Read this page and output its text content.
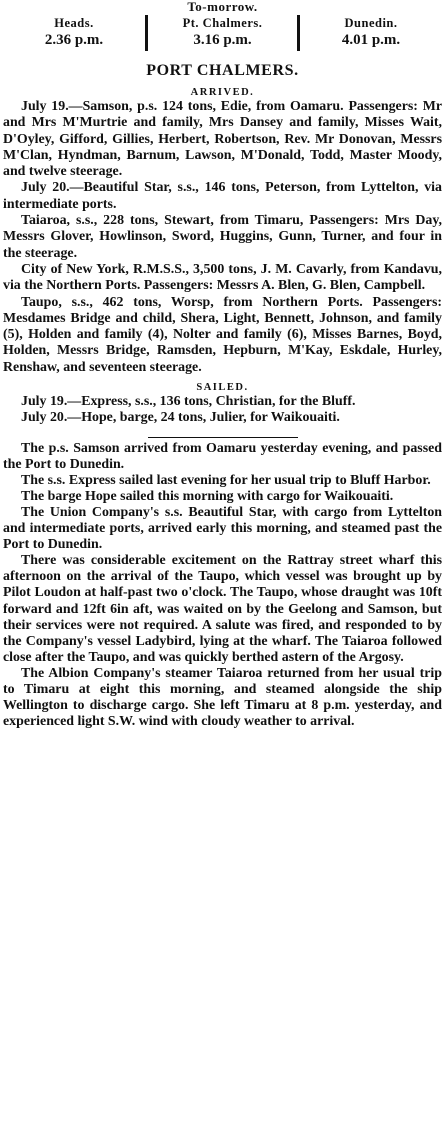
To-morrow.
Heads.
2.36 p.m.
Pt. Chalmers.
3.16 p.m.
Dunedin.
4.01 p.m.
PORT CHALMERS.
ARRIVED.

July 19.—Samson, p.s. 124 tons, Edie, from Oamaru. Passengers: Mr and Mrs M'Murtrie and family, Mrs Dansey and family, Misses Wait, D'Oyley, Gifford, Gillies, Herbert, Robertson, Rev. Mr Donovan, Messrs M'Clan, Hyndman, Barnum, Lawson, M'Donald, Todd, Master Moody, and twelve steerage.

July 20.—Beautiful Star, s.s., 146 tons, Peterson, from Lyttelton, via intermediate ports.

Taiaroa, s.s., 228 tons, Stewart, from Timaru, Passengers: Mrs Day, Messrs Glover, Howlinson, Sword, Huggins, Gunn, Turner, and four in the steerage.

City of New York, R.M.S.S., 3,500 tons, J. M. Cavarly, from Kandavu, via the Northern Ports. Passengers: Messrs A. Blen, G. Blen, Campbell.

Taupo, s.s., 462 tons, Worsp, from Northern Ports. Passengers: Mesdames Bridge and child, Shera, Light, Bennett, Johnson, and family (5), Holden and family (4), Nolter and family (6), Misses Barnes, Boyd, Holden, Messrs Bridge, Ramsden, Hepburn, M'Kay, Eskdale, Hurley, Renshaw, and seventeen steerage.

SAILED.

July 19.—Express, s.s., 136 tons, Christian, for the Bluff.

July 20.—Hope, barge, 24 tons, Julier, for Waikouaiti.

The p.s. Samson arrived from Oamaru yesterday evening, and passed the Port to Dunedin.

The s.s. Express sailed last evening for her usual trip to Bluff Harbor.

The barge Hope sailed this morning with cargo for Waikouaiti.

The Union Company's s.s. Beautiful Star, with cargo from Lyttelton and intermediate ports, arrived early this morning, and steamed past the Port to Dunedin.

There was considerable excitement on the Rattray street wharf this afternoon on the arrival of the Taupo, which vessel was brought up by Pilot Loudon at half-past two o'clock. The Taupo, whose draught was 10ft forward and 12ft 6in aft, was waited on by the Geelong and Samson, but their services were not required. A salute was fired, and responded to by the Company's vessel Ladybird, lying at the wharf. The Taiaroa followed close after the Taupo, and was quickly berthed astern of the Argosy.

The Albion Company's steamer Taiaroa returned from her usual trip to Timaru at eight this morning, and steamed alongside the ship Wellington to discharge cargo. She left Timaru at 8 p.m. yesterday, and experienced light S.W. wind with cloudy weather to arrival.
